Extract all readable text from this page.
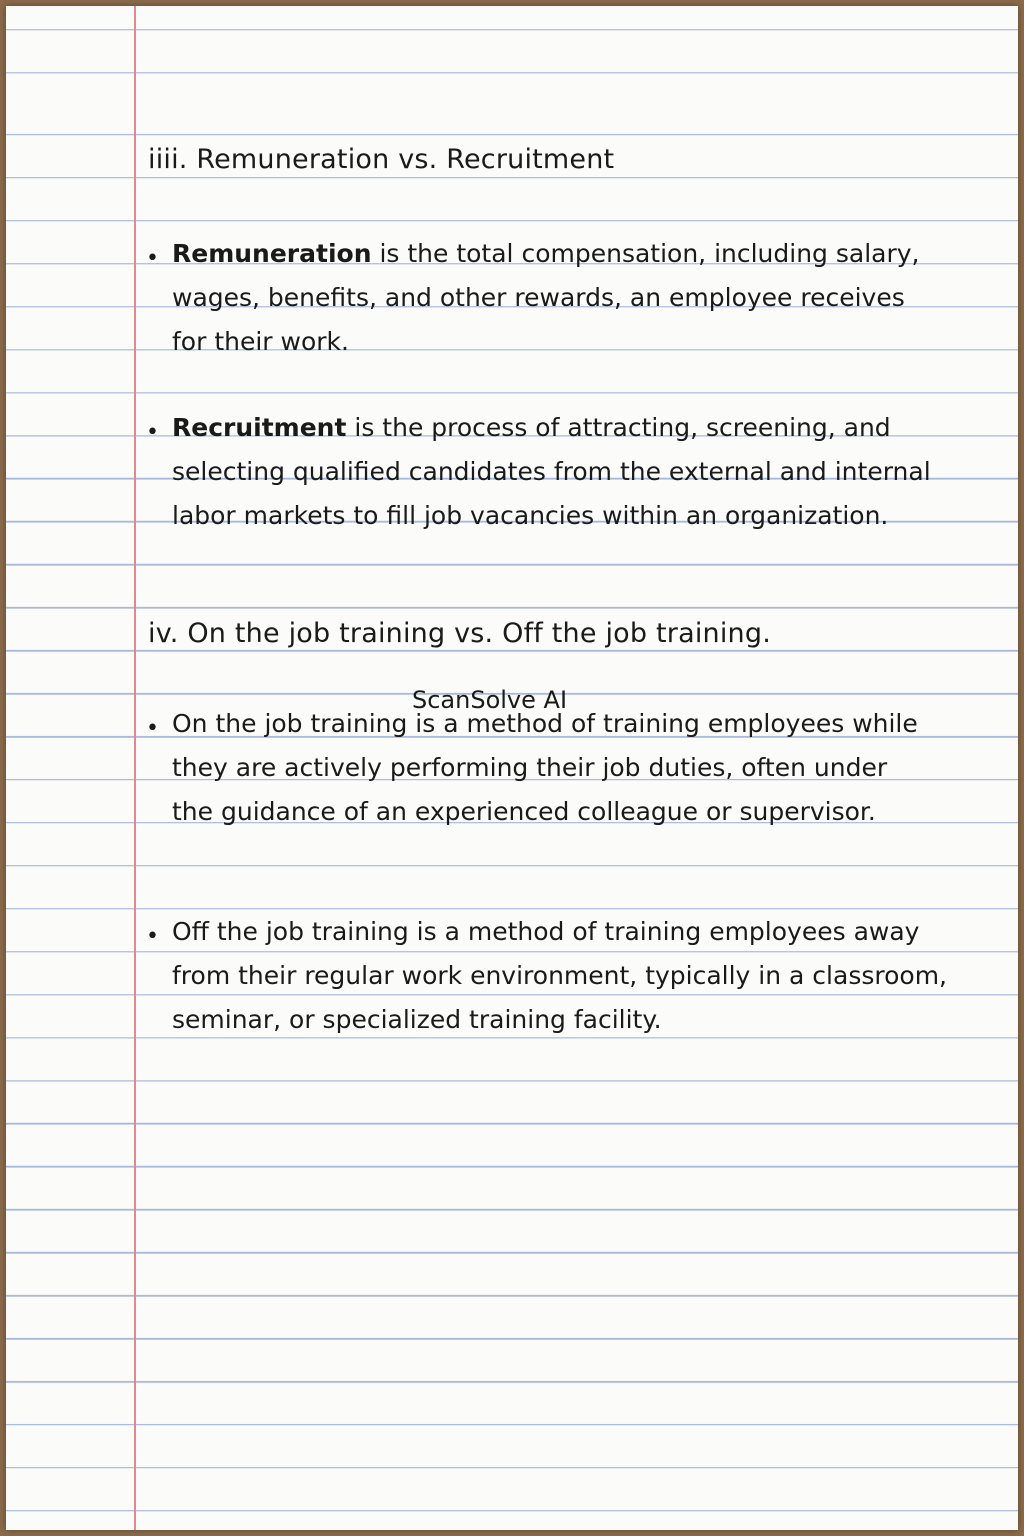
iiii. Remuneration vs. Recruitment
• Remuneration is the total compensation, including salary,
wages, benefits, and other rewards, an employee receives
for their work.
• Recruitment is the process of attracting, screening, and
selecting qualified candidates from the external and internal
labor markets to fill job vacancies within an organization.
iv. On the job training vs. Off the job training.
• On the job training is a method of training employees while
they are actively performing their job duties, often under
the guidance of an experienced colleague or supervisor.
• Off the job training is a method of training employees away
from their regular work environment, typically in a classroom,
seminar, or specialized training facility.
ScanSolve AI
